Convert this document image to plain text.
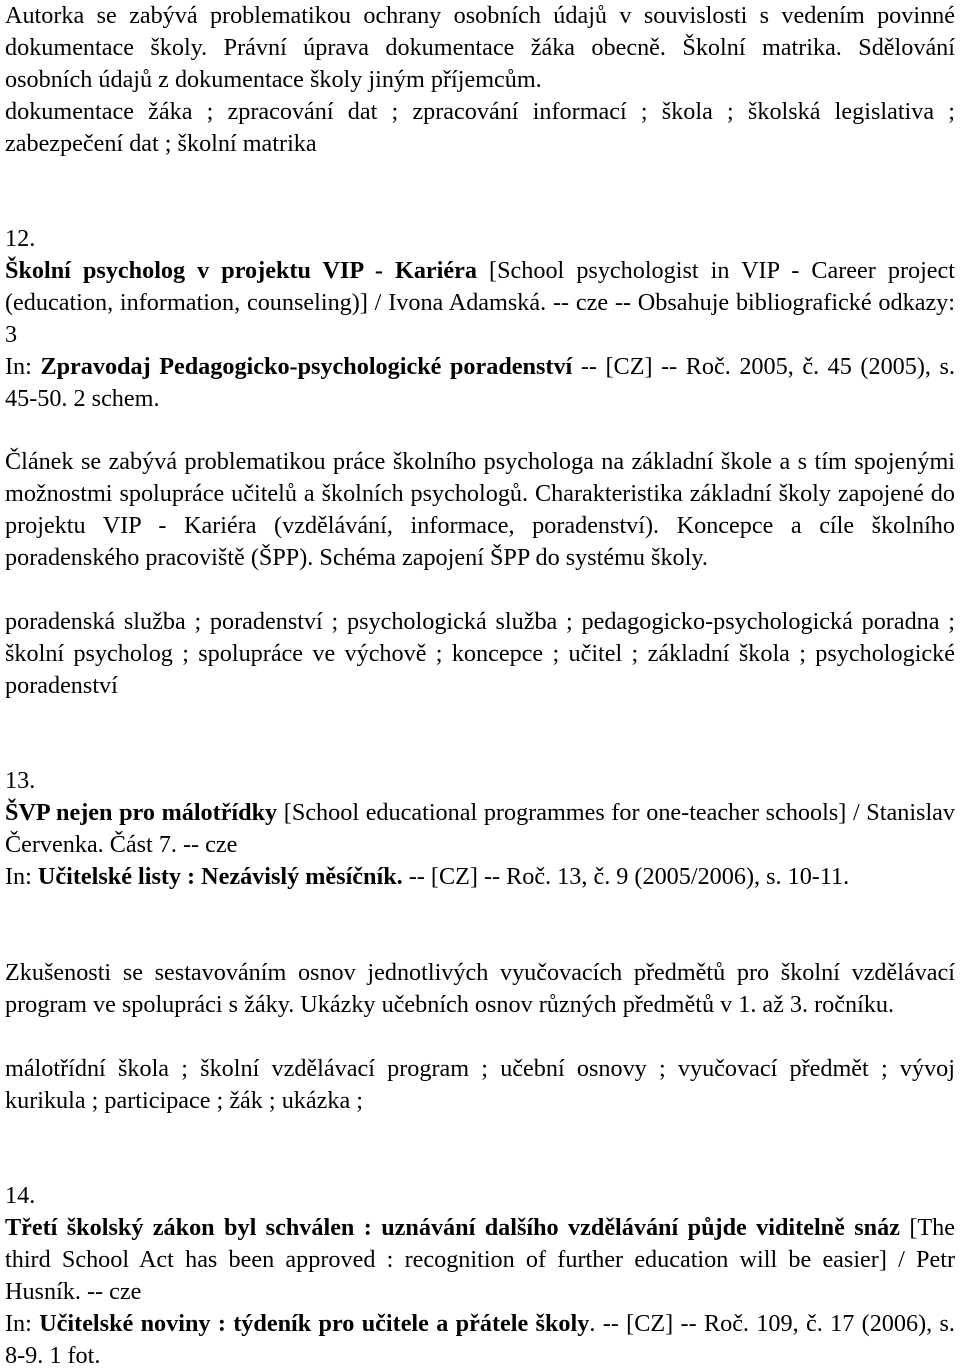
Autorka se zabývá problematikou ochrany osobních údajů v souvislosti s vedením povinné dokumentace školy. Právní úprava dokumentace žáka obecně. Školní matrika. Sdělování osobních údajů z dokumentace školy jiným příjemcům.

dokumentace žáka ; zpracování dat ; zpracování informací ; škola ; školská legislativa ; zabezpečení dat ; školní matrika

12.

Školní psycholog v projektu VIP - Kariéra [School psychologist in VIP - Career project (education, information, counseling)] / Ivona Adamská. -- cze -- Obsahuje bibliografické odkazy: 3

In: Zpravodaj Pedagogicko-psychologické poradenství -- [CZ] -- Roč. 2005, č. 45 (2005), s. 45-50. 2 schem.

Článek se zabývá problematikou práce školního psychologa na základní škole a s tím spojenými možnostmi spolupráce učitelů a školních psychologů. Charakteristika základní školy zapojené do projektu VIP - Kariéra (vzdělávání, informace, poradenství). Koncepce a cíle školního poradenského pracoviště (ŠPP). Schéma zapojení ŠPP do systému školy.

poradenská služba ; poradenství ; psychologická služba ; pedagogicko-psychologická poradna ; školní psycholog ; spolupráce ve výchově ; koncepce ; učitel ; základní škola ; psychologické poradenství

13.

ŠVP nejen pro málotřídky [School educational programmes for one-teacher schools] / Stanislav Červenka. Část 7. -- cze

In: Učitelské listy : Nezávislý měsíčník. -- [CZ] -- Roč. 13, č. 9 (2005/2006), s. 10-11.

Zkušenosti se sestavováním osnov jednotlivých vyučovacích předmětů pro školní vzdělávací program ve spolupráci s žáky. Ukázky učebních osnov různých předmětů v 1. až 3. ročníku.

málotřídní škola ; školní vzdělávací program ; učební osnovy ; vyučovací předmět ; vývoj kurikula ; participace ; žák ; ukázka ;

14.

Třetí školský zákon byl schválen : uznávání dalšího vzdělávání půjde viditelně snáz [The third School Act has been approved : recognition of further education will be easier] / Petr Husník. -- cze

In: Učitelské noviny : týdeník pro učitele a přátele školy. -- [CZ] -- Roč. 109, č. 17 (2006), s. 8-9. 1 fot.
